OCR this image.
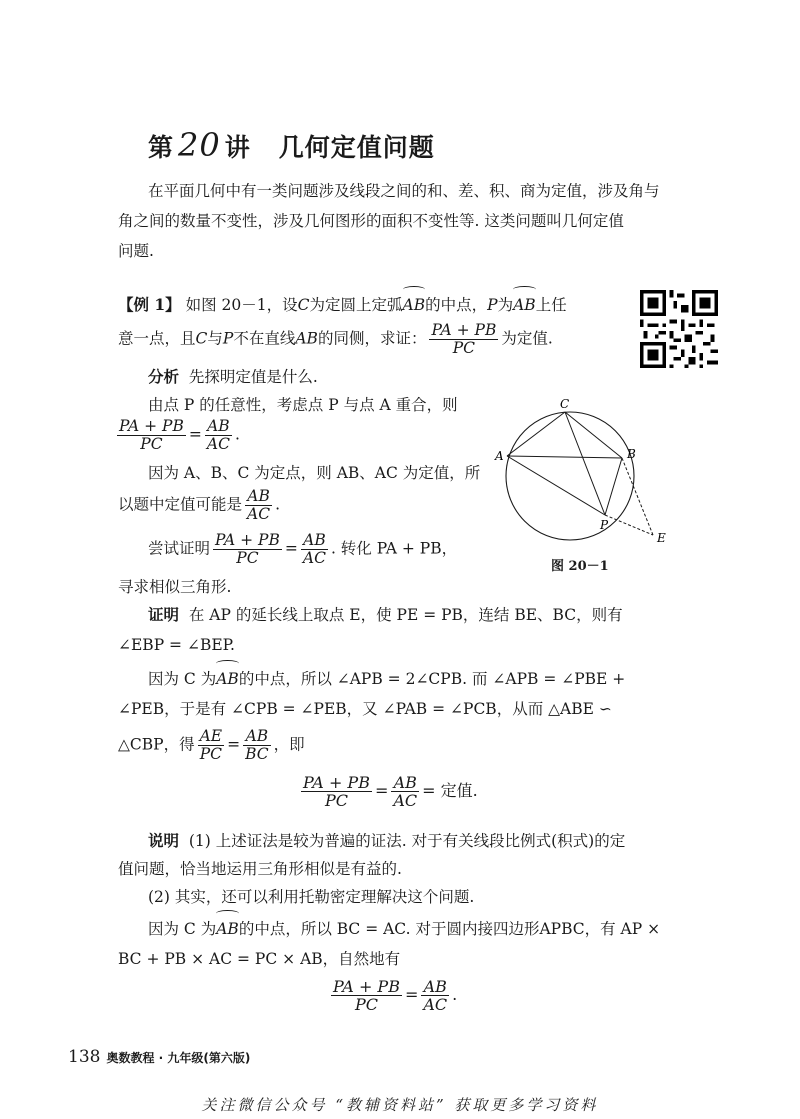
第 20 讲 几何定值问题
在平面几何中有一类问题涉及线段之间的和、差、积、商为定值，涉及角与
角之间的数量不变性，涉及几何图形的面积不变性等. 这类问题叫几何定值
问题.
【例 1】 如图 20－1，设C为定圆上定弧AB的中点，P为AB上任
意一点，且C与P不在直线AB的同侧，求证： $\frac{PA + PB}{PC}$ 为定值.
分析 先探明定值是什么.
由点 P 的任意性，考虑点 P 与点 A 重合，则
$\frac{PA + PB}{PC} = \frac{AB}{AC}$ .
因为 A、B、C 为定点，则 AB、AC 为定值，所
以题中定值可能是 $\frac{AB}{AC}$ .
尝试证明 $\frac{PA + PB}{PC} = \frac{AB}{AC}$ . 转化 PA + PB，
寻求相似三角形.
C
A	B
P
E
图 20－1
证明 在 AP 的延长线上取点 E，使 PE = PB，连结 BE、BC，则有
∠EBP = ∠BEP.
因为 C 为AB的中点，所以 ∠APB = 2∠CPB. 而 ∠APB = ∠PBE +
∠PEB，于是有 ∠CPB = ∠PEB，又 ∠PAB = ∠PCB，从而 △ABE ∽
△CBP，得 $\frac{AE}{PC} = \frac{AB}{BC}$ ，即
$\frac{PA + PB}{PC} = \frac{AB}{AC}$ = 定值.
说明 (1) 上述证法是较为普遍的证法. 对于有关线段比例式(积式)的定
值问题，恰当地运用三角形相似是有益的.
(2) 其实，还可以利用托勒密定理解决这个问题.
因为 C 为AB的中点，所以 BC = AC. 对于圆内接四边形APBC，有 AP ×
BC + PB × AC = PC × AB，自然地有
$\frac{PA + PB}{PC} = \frac{AB}{AC}$ .
138 奥数教程 · 九年级(第六版)
关注微信公众号 “教辅资料站” 获取更多学习资料
